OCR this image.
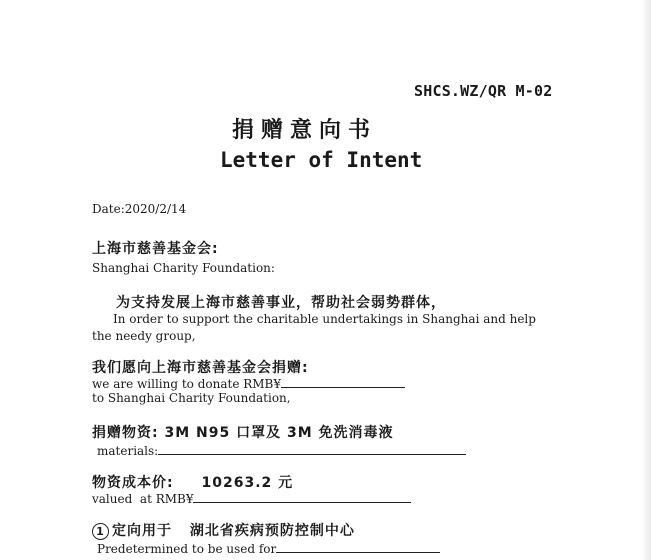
SHCS.WZ/QR M-02
捐赠意向书
Letter of Intent
Date:2020/2/14
上海市慈善基金会:
Shanghai Charity Foundation:
为支持发展上海市慈善事业，帮助社会弱势群体，
In order to support the charitable undertakings in Shanghai and help
the needy group,
我们愿向上海市慈善基金会捐赠:
we are willing to donate RMB¥
to Shanghai Charity Foundation,
捐赠物资: 3M N95 口罩及 3M 免洗消毒液
materials:
物资成本价: 10263.2 元
valued  at RMB¥
1 定向用于 湖北省疾病预防控制中心
Predetermined to be used for
